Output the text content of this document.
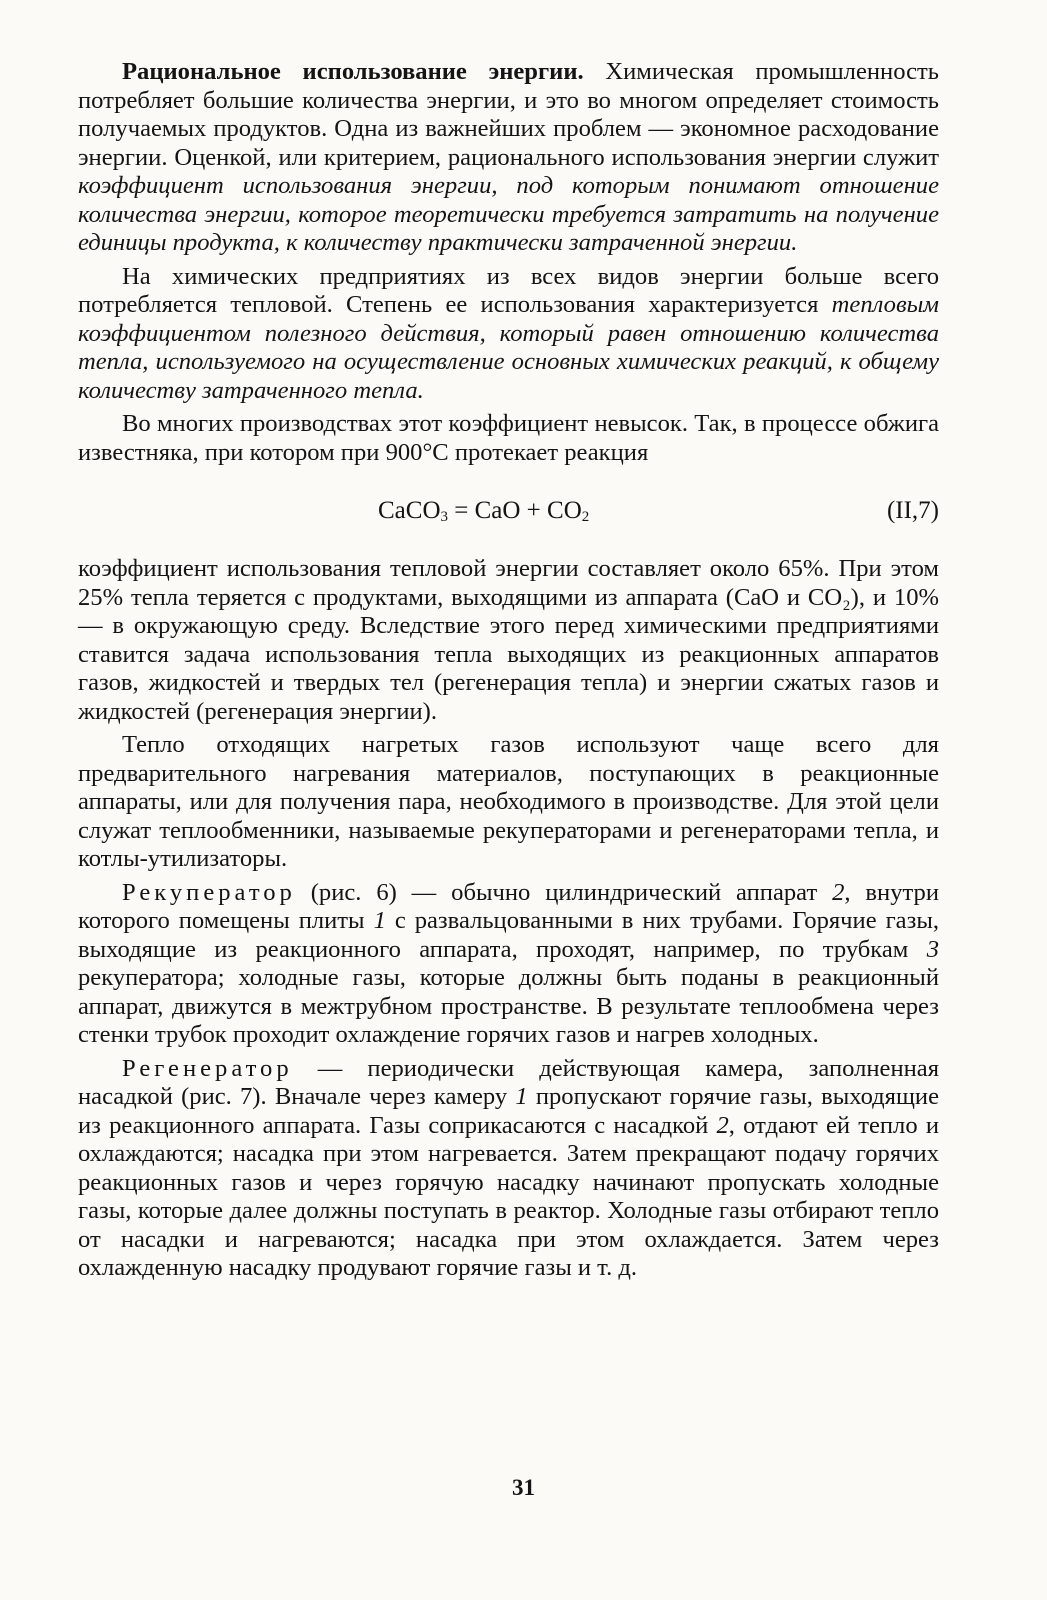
Рациональное использование энергии. Химическая промышленность потребляет большие количества энергии, и это во многом определяет стоимость получаемых продуктов. Одна из важнейших проблем — экономное расходование энергии. Оценкой, или критерием, рационального использования энергии служит коэффициент использования энергии, под которым понимают отношение количества энергии, которое теоретически требуется затратить на получение единицы продукта, к количеству практически затраченной энергии.

На химических предприятиях из всех видов энергии больше всего потребляется тепловой. Степень ее использования характеризуется тепловым коэффициентом полезного действия, который равен отношению количества тепла, используемого на осуществление основных химических реакций, к общему количеству затраченного тепла.

Во многих производствах этот коэффициент невысок. Так, в процессе обжига известняка, при котором при 900°С протекает реакция

CaCO$_3$ = CaO + $CO_2$	(II,7)

коэффициент использования тепловой энергии составляет около 65%. При этом 25% тепла теряется с продуктами, выходящими из аппарата (CaO и CO₂), и 10% — в окружающую среду. Вследствие этого перед химическими предприятиями ставится задача использования тепла выходящих из реакционных аппаратов газов, жидкостей и твердых тел (регенерация тепла) и энергии сжатых газов и жидкостей (регенерация энергии).

Тепло отходящих нагретых газов используют чаще всего для предварительного нагревания материалов, поступающих в реакционные аппараты, или для получения пара, необходимого в производстве. Для этой цели служат теплообменники, называемые рекуператорами и регенераторами тепла, и котлы-утилизаторы.

Рекуператор (рис. 6) — обычно цилиндрический аппарат 2, внутри которого помещены плиты 1 с развальцованными в них трубами. Горячие газы, выходящие из реакционного аппарата, проходят, например, по трубкам 3 рекуператора; холодные газы, которые должны быть поданы в реакционный аппарат, движутся в межтрубном пространстве. В результате теплообмена через стенки трубок проходит охлаждение горячих газов и нагрев холодных.

Регенератор — периодически действующая камера, заполненная насадкой (рис. 7). Вначале через камеру 1 пропускают горячие газы, выходящие из реакционного аппарата. Газы соприкасаются с насадкой 2, отдают ей тепло и охлаждаются; насадка при этом нагревается. Затем прекращают подачу горячих реакционных газов и через горячую насадку начинают пропускать холодные газы, которые далее должны поступать в реактор. Холодные газы отбирают тепло от насадки и нагреваются; насадка при этом охлаждается. Затем через охлажденную насадку продувают горячие газы и т. д.

31
